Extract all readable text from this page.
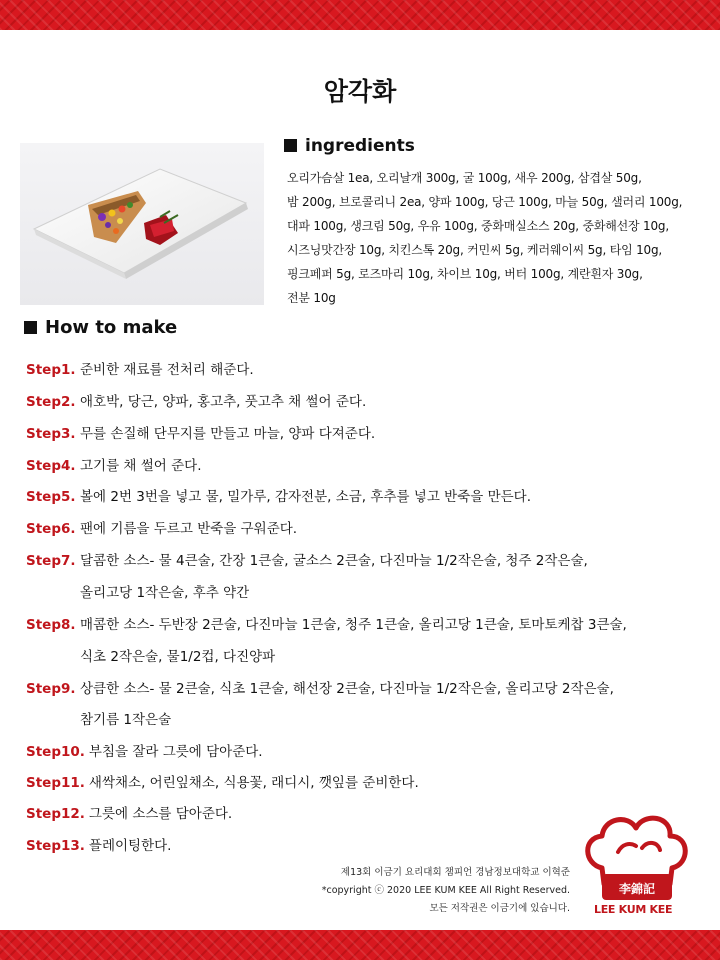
암각화
ingredients
오리가슴살 1ea, 오리날개 300g, 굴 100g, 새우 200g, 삼겹살 50g,
밤 200g, 브로콜리니 2ea, 양파 100g, 당근 100g, 마늘 50g, 샐러리 100g,
대파 100g, 생크림 50g, 우유 100g, 중화매실소스 20g, 중화해선장 10g,
시즈닝맛간장 10g, 치킨스톡 20g, 커민씨 5g, 케러웨이씨 5g, 타임 10g,
핑크페퍼 5g, 로즈마리 10g, 차이브 10g, 버터 100g, 계란흰자 30g,
전분 10g
How to make
Step1. 준비한 재료를 전처리 해준다.
Step2. 애호박, 당근, 양파, 홍고추, 풋고추 채 썰어 준다.
Step3. 무를 손질해 단무지를 만들고 마늘, 양파 다져준다.
Step4. 고기를 채 썰어 준다.
Step5. 볼에 2번 3번을 넣고 물, 밀가루, 감자전분, 소금, 후추를 넣고 반죽을 만든다.
Step6. 팬에 기름을 두르고 반죽을 구워준다.
Step7. 달콤한 소스- 물 4큰술, 간장 1큰술, 굴소스 2큰술, 다진마늘 1/2작은술, 청주 2작은술,
올리고당 1작은술, 후추 약간
Step8. 매콤한 소스- 두반장 2큰술, 다진마늘 1큰술, 청주 1큰술, 올리고당 1큰술, 토마토케찹 3큰술,
식초 2작은술, 물1/2컵, 다진양파
Step9. 상큼한 소스- 물 2큰술, 식초 1큰술, 해선장 2큰술, 다진마늘 1/2작은술, 올리고당 2작은술,
참기름 1작은술
Step10. 부침을 잘라 그릇에 담아준다.
Step11. 새싹채소, 어린잎채소, 식용꽃, 래디시, 깻잎를 준비한다.
Step12. 그릇에 소스를 담아준다.
Step13. 플레이팅한다.
제13회 이금기 요리대회 챔피언 경남정보대학교 이혁준
*copyright ⓒ 2020 LEE KUM KEE All Right Reserved.
모든 저작권은 이금기에 있습니다.
李錦記
LEE KUM KEE
